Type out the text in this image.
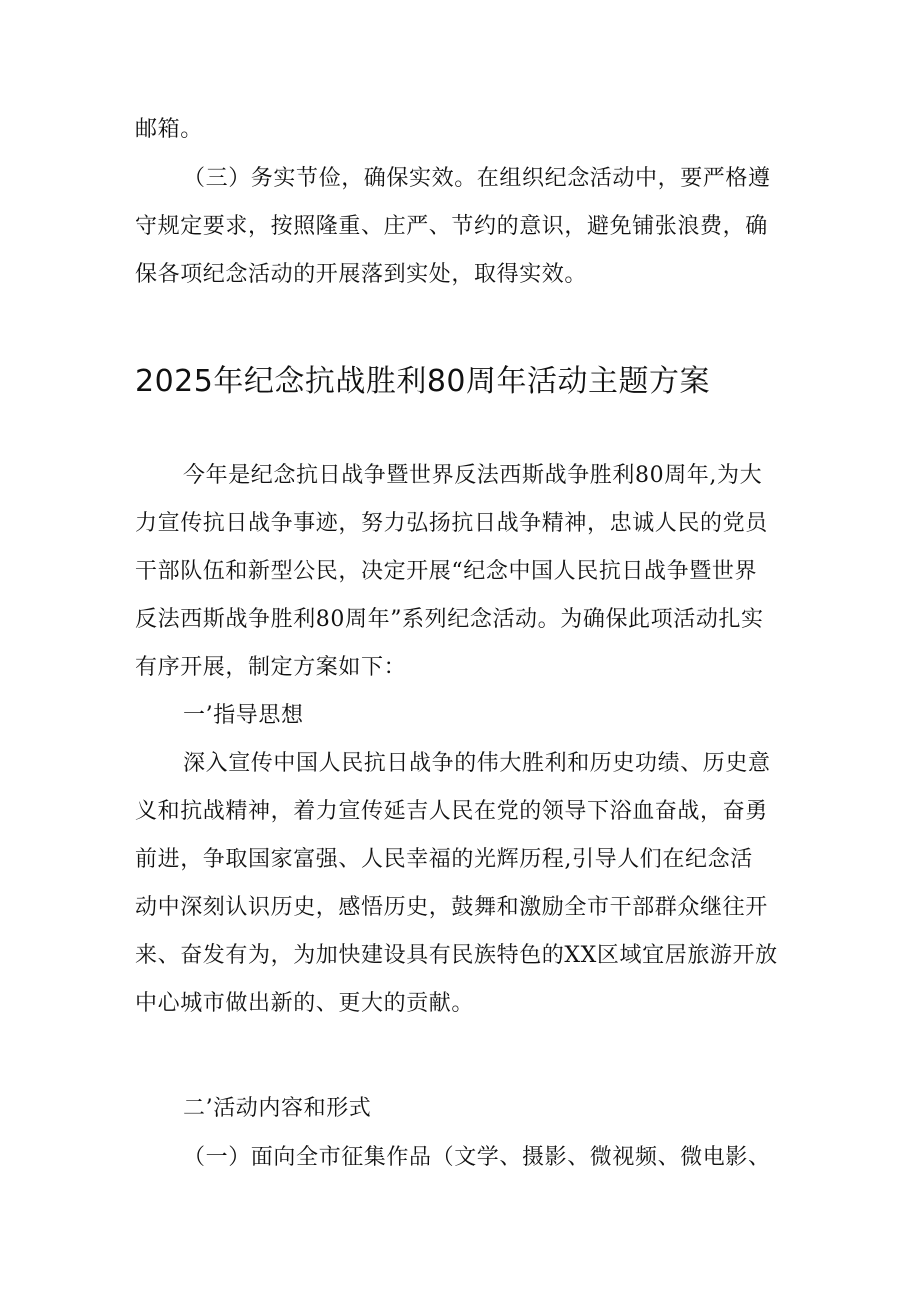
邮箱。
（三）务实节俭，确保实效。在组织纪念活动中，要严格遵
守规定要求，按照隆重、庄严、节约的意识，避免铺张浪费，确
保各项纪念活动的开展落到实处，取得实效。
2025年纪念抗战胜利80周年活动主题方案
今年是纪念抗日战争暨世界反法西斯战争胜利80周年,为大
力宣传抗日战争事迹，努力弘扬抗日战争精神，忠诚人民的党员
干部队伍和新型公民，决定开展“纪念中国人民抗日战争暨世界
反法西斯战争胜利80周年”系列纪念活动。为确保此项活动扎实
有序开展，制定方案如下：
一’指导思想
深入宣传中国人民抗日战争的伟大胜利和历史功绩、历史意
义和抗战精神，着力宣传延吉人民在党的领导下浴血奋战，奋勇
前进，争取国家富强、人民幸福的光辉历程,引导人们在纪念活
动中深刻认识历史，感悟历史，鼓舞和激励全市干部群众继往开
来、奋发有为，为加快建设具有民族特色的XX区域宜居旅游开放
中心城市做出新的、更大的贡献。
二’活动内容和形式
（一）面向全市征集作品（文学、摄影、微视频、微电影、
